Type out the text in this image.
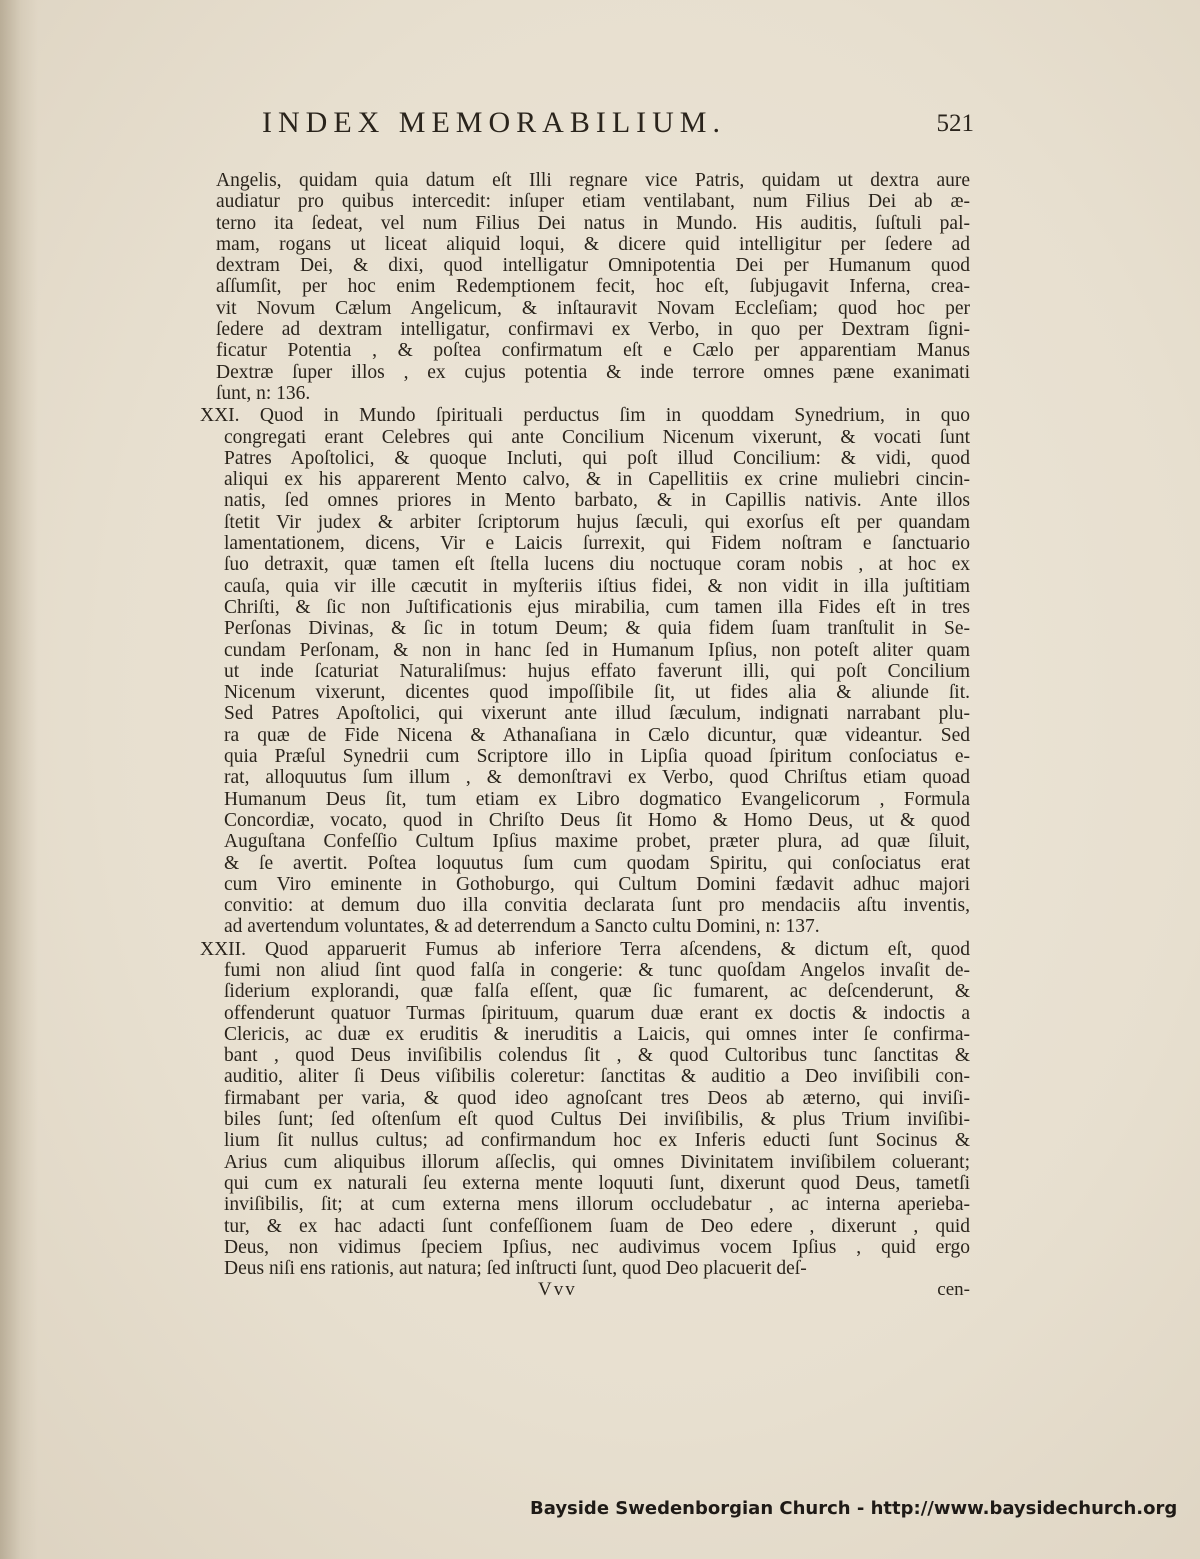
INDEX MEMORABILIUM.	521

Angelis, quidam quia datum eſt Illi regnare vice Patris, quidam ut dextra aure
audiatur pro quibus intercedit: inſuper etiam ventilabant, num Filius Dei ab æ-
terno ita ſedeat, vel num Filius Dei natus in Mundo. His auditis, ſuſtuli pal-
mam, rogans ut liceat aliquid loqui, & dicere quid intelligitur per ſedere ad
dextram Dei, & dixi, quod intelligatur Omnipotentia Dei per Humanum quod
aſſumſit, per hoc enim Redemptionem fecit, hoc eſt, ſubjugavit Inferna, crea-
vit Novum Cælum Angelicum, & inſtauravit Novam Eccleſiam; quod hoc per
ſedere ad dextram intelligatur, confirmavi ex Verbo, in quo per Dextram ſigni-
ficatur Potentia , & poſtea confirmatum eſt e Cælo per apparentiam Manus
Dextræ ſuper illos , ex cujus potentia & inde terrore omnes pæne exanimati
ſunt, n: 136.

XXI. Quod in Mundo ſpirituali perductus ſim in quoddam Synedrium, in quo
congregati erant Celebres qui ante Concilium Nicenum vixerunt, & vocati ſunt
Patres Apoſtolici, & quoque Incluti, qui poſt illud Concilium: & vidi, quod
aliqui ex his apparerent Mento calvo, & in Capellitiis ex crine muliebri cincin-
natis, ſed omnes priores in Mento barbato, & in Capillis nativis. Ante illos
ſtetit Vir judex & arbiter ſcriptorum hujus ſæculi, qui exorſus eſt per quandam
lamentationem, dicens, Vir e Laicis ſurrexit, qui Fidem noſtram e ſanctuario
ſuo detraxit, quæ tamen eſt ſtella lucens diu noctuque coram nobis , at hoc ex
cauſa, quia vir ille cæcutit in myſteriis iſtius fidei, & non vidit in illa juſtitiam
Chriſti, & ſic non Juſtificationis ejus mirabilia, cum tamen illa Fides eſt in tres
Perſonas Divinas, & ſic in totum Deum; & quia fidem ſuam tranſtulit in Se-
cundam Perſonam, & non in hanc ſed in Humanum Ipſius, non poteſt aliter quam
ut inde ſcaturiat Naturaliſmus: hujus effato faverunt illi, qui poſt Concilium
Nicenum vixerunt, dicentes quod impoſſibile ſit, ut fides alia & aliunde ſit.
Sed Patres Apoſtolici, qui vixerunt ante illud ſæculum, indignati narrabant plu-
ra quæ de Fide Nicena & Athanaſiana in Cælo dicuntur, quæ videantur. Sed
quia Præſul Synedrii cum Scriptore illo in Lipſia quoad ſpiritum conſociatus e-
rat, alloquutus ſum illum , & demonſtravi ex Verbo, quod Chriſtus etiam quoad
Humanum Deus ſit, tum etiam ex Libro dogmatico Evangelicorum , Formula
Concordiæ, vocato, quod in Chriſto Deus ſit Homo & Homo Deus, ut & quod
Auguſtana Confeſſio Cultum Ipſius maxime probet, præter plura, ad quæ ſiluit,
& ſe avertit. Poſtea loquutus ſum cum quodam Spiritu, qui conſociatus erat
cum Viro eminente in Gothoburgo, qui Cultum Domini fædavit adhuc majori
convitio: at demum duo illa convitia declarata ſunt pro mendaciis aſtu inventis,
ad avertendum voluntates, & ad deterrendum a Sancto cultu Domini, n: 137.

XXII. Quod apparuerit Fumus ab inferiore Terra aſcendens, & dictum eſt, quod
fumi non aliud ſint quod falſa in congerie: & tunc quoſdam Angelos invaſit de-
ſiderium explorandi, quæ falſa eſſent, quæ ſic fumarent, ac deſcenderunt, &
offenderunt quatuor Turmas ſpirituum, quarum duæ erant ex doctis & indoctis a
Clericis, ac duæ ex eruditis & ineruditis a Laicis, qui omnes inter ſe confirma-
bant , quod Deus inviſibilis colendus ſit , & quod Cultoribus tunc ſanctitas &
auditio, aliter ſi Deus viſibilis coleretur: ſanctitas & auditio a Deo inviſibili con-
firmabant per varia, & quod ideo agnoſcant tres Deos ab æterno, qui inviſi-
biles ſunt; ſed oſtenſum eſt quod Cultus Dei inviſibilis, & plus Trium inviſibi-
lium ſit nullus cultus; ad confirmandum hoc ex Inferis educti ſunt Socinus &
Arius cum aliquibus illorum aſſeclis, qui omnes Divinitatem inviſibilem coluerant;
qui cum ex naturali ſeu externa mente loquuti ſunt, dixerunt quod Deus, tametſi
inviſibilis, ſit; at cum externa mens illorum occludebatur , ac interna aperieba-
tur, & ex hac adacti ſunt confeſſionem ſuam de Deo edere , dixerunt , quid
Deus, non vidimus ſpeciem Ipſius, nec audivimus vocem Ipſius , quid ergo
Deus niſi ens rationis, aut natura; ſed inſtructi ſunt, quod Deo placuerit deſ-

Vvv	cen-
Bayside Swedenborgian Church - http://www.baysidechurch.org
